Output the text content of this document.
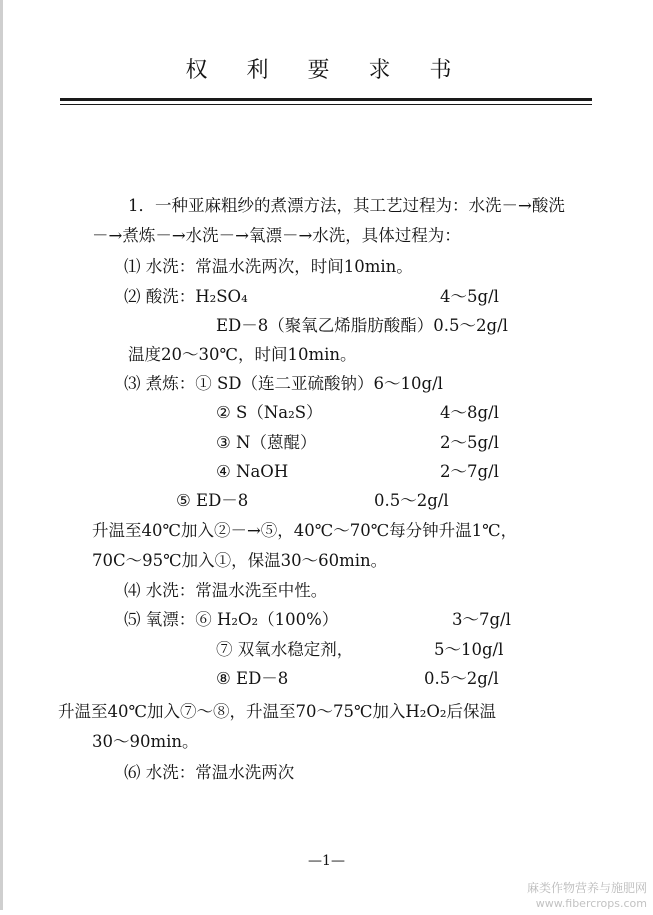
权 利 要 求 书
1．一种亚麻粗纱的煮漂方法，其工艺过程为：水洗－→酸洗
－→煮炼－→水洗－→氧漂－→水洗，具体过程为：
⑴ 水洗：常温水洗两次，时间10min。
⑵ 酸洗：H₂SO₄	4～5g/l
ED－8（聚氧乙烯脂肪酸酯）0.5～2g/l
温度20～30℃，时间10min。
⑶ 煮炼：① SD（连二亚硫酸钠）6～10g/l
② S（Na₂S）	4～8g/l
③ N（蒽醌）	2～5g/l
④ NaOH	2～7g/l
⑤ ED－8	0.5～2g/l
升温至40℃加入②－→⑤，40℃～70℃每分钟升温1℃，
70C～95℃加入①，保温30～60min。
⑷ 水洗：常温水洗至中性。
⑸ 氧漂：⑥ H₂O₂（100%）	3～7g/l
⑦ 双氧水稳定剂，	5～10g/l
⑧ ED－8	0.5～2g/l
升温至40℃加入⑦～⑧，升温至70～75℃加入H₂O₂后保温
30～90min。
⑹ 水洗：常温水洗两次
—1—
麻类作物营养与施肥网
www.fibercrops.com
